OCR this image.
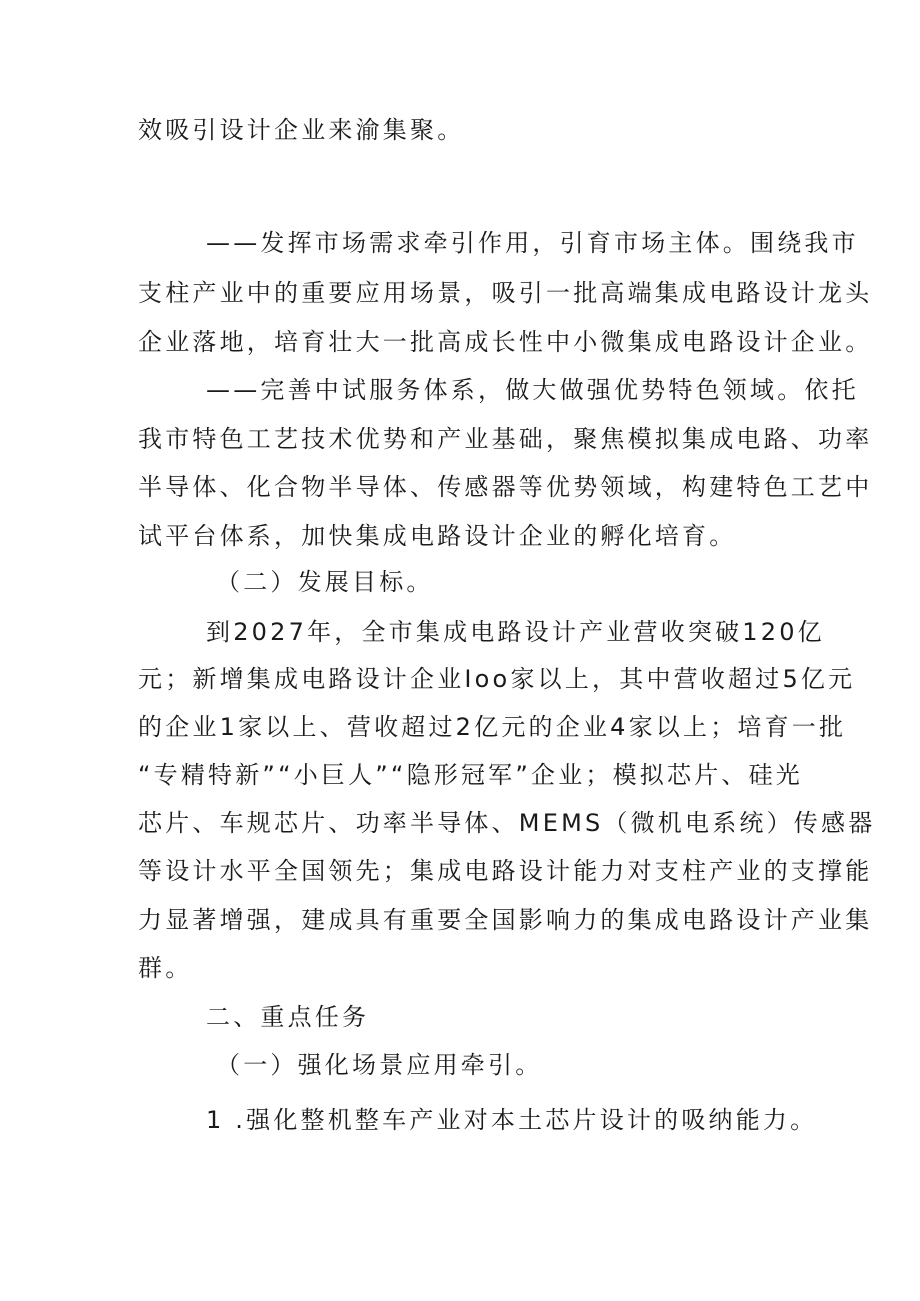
效吸引设计企业来渝集聚。
——发挥市场需求牵引作用，引育市场主体。围绕我市
支柱产业中的重要应用场景，吸引一批高端集成电路设计龙头
企业落地，培育壮大一批高成长性中小微集成电路设计企业。
——完善中试服务体系，做大做强优势特色领域。依托
我市特色工艺技术优势和产业基础，聚焦模拟集成电路、功率
半导体、化合物半导体、传感器等优势领域，构建特色工艺中
试平台体系，加快集成电路设计企业的孵化培育。
（二）发展目标。
到2027年，全市集成电路设计产业营收突破120亿
元；新增集成电路设计企业Ioo家以上，其中营收超过5亿元
的企业1家以上、营收超过2亿元的企业4家以上；培育一批
“专精特新”“小巨人”“隐形冠军”企业；模拟芯片、硅光
芯片、车规芯片、功率半导体、MEMS（微机电系统）传感器
等设计水平全国领先；集成电路设计能力对支柱产业的支撑能
力显著增强，建成具有重要全国影响力的集成电路设计产业集
群。
二、重点任务
（一）强化场景应用牵引。
1 .强化整机整车产业对本土芯片设计的吸纳能力。
